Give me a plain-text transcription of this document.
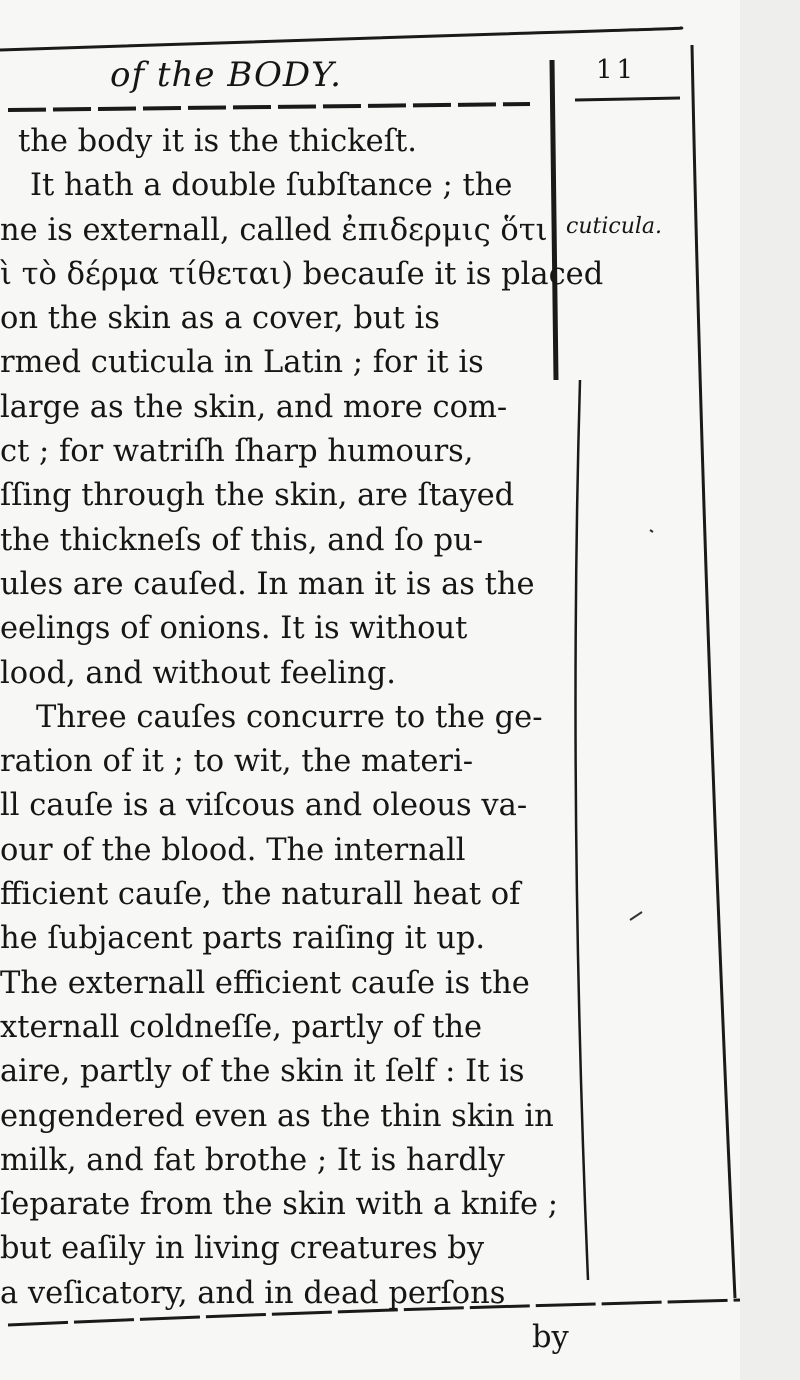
of the BODY.	11
cuticula.
the body it is the thickeſt.
It hath a double ſubſtance ; the
ne is externall, called ἐπιδερμις ὅτι
ὶ τὸ δέρμα τίθεται) becauſe it is placed
on the skin as a cover, but is
rmed cuticula in Latin ; for it is
large as the skin, and more com-
ct ; for watriſh ſharp humours,
ſſing through the skin, are ſtayed
the thickneſs of this, and ſo pu-
ules are cauſed. In man it is as the
eelings of onions. It is without
lood, and without feeling.
Three cauſes concurre to the ge-
ration of it ; to wit, the materi-
ll cauſe is a viſcous and oleous va-
our of the blood. The internall
fficient cauſe, the naturall heat of
he ſubjacent parts raiſing it up.
The externall efficient cauſe is the
xternall coldneſſe, partly of the
aire, partly of the skin it ſelf : It is
engendered even as the thin skin in
milk, and fat brothe ; It is hardly
ſeparate from the skin with a knife ;
but eaſily in living creatures by
a veſicatory, and in dead perſons
by
